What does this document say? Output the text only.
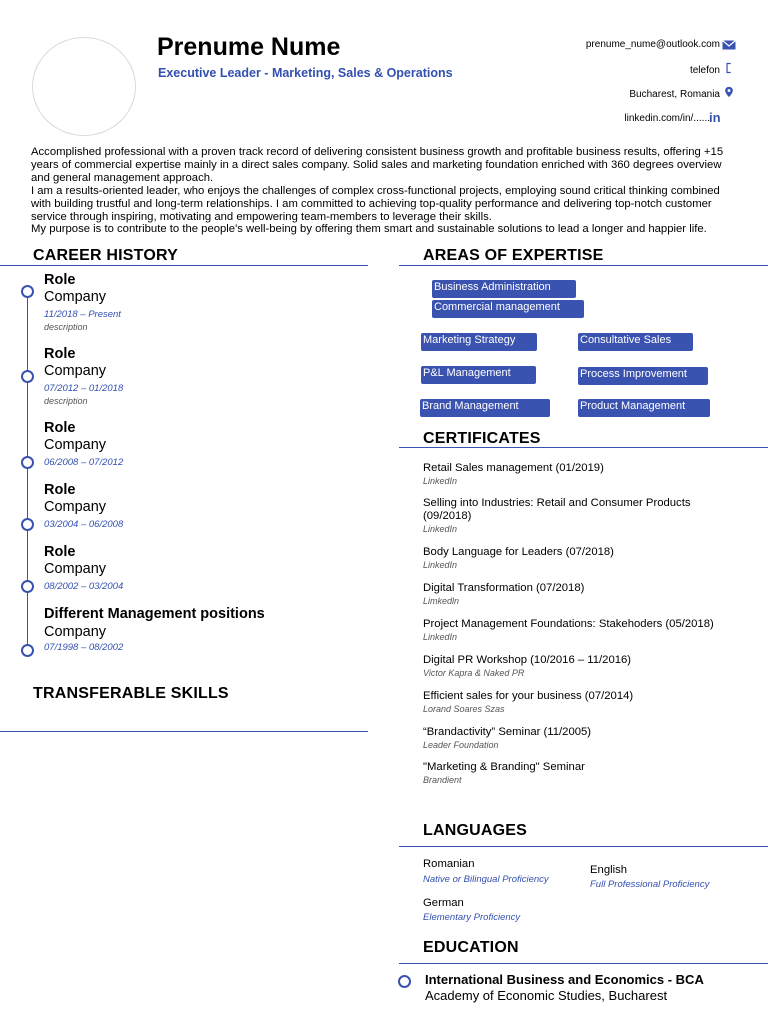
Prenume Nume
Executive Leader - Marketing, Sales & Operations
prenume_nume@outlook.com
telefon
Bucharest, Romania
linkedin.com/in/...... in

Accomplished professional with a proven track record of delivering consistent business growth and profitable business results, offering +15 years of commercial expertise mainly in a direct sales company. Solid sales and marketing foundation enriched with 360 degrees overview and general management approach.

I am a results-oriented leader, who enjoys the challenges of complex cross-functional projects, employing sound critical thinking combined with building trustful and long-term relationships. I am committed to achieving top-quality performance and delivering top-notch customer service through inspiring, motivating and empowering team-members to leverage their skills.

My purpose is to contribute to the people's well-being by offering them smart and sustainable solutions to lead a longer and happier life.

CAREER HISTORY
Role
Company
11/2018 – Present
description
Role
Company
07/2012 – 01/2018
description
Role
Company
06/2008 – 07/2012
Role
Company
03/2004 – 06/2008
Role
Company
08/2002 – 03/2004
Different Management positions
Company
07/1998 – 08/2002
TRANSFERABLE SKILLS
AREAS OF EXPERTISE
Business Administration
Commercial management
Marketing Strategy	Consultative Sales
P&L Management	Process Improvement
Brand Management	Product Management
CERTIFICATES
Retail Sales management (01/2019)
LinkedIn
Selling into Industries: Retail and Consumer Products (09/2018)
LinkedIn
Body Language for Leaders (07/2018)
LinkedIn
Digital Transformation (07/2018)
Limkedln
Project Management Foundations: Stakehoders (05/2018)
LinkedIn
Digital PR Workshop (10/2016 – 11/2016)
Victor Kapra & Naked PR
Efficient sales for your business (07/2014)
Lorand Soares Szas
“Brandactivity” Seminar (11/2005)
Leader Foundation
"Marketing & Branding" Seminar
Brandient
LANGUAGES
Romanian
Native or Bilingual Proficiency
English
Full Professional Proficiency
German
Elementary Proficiency
EDUCATION
International Business and Economics - BCA
Academy of Economic Studies, Bucharest
